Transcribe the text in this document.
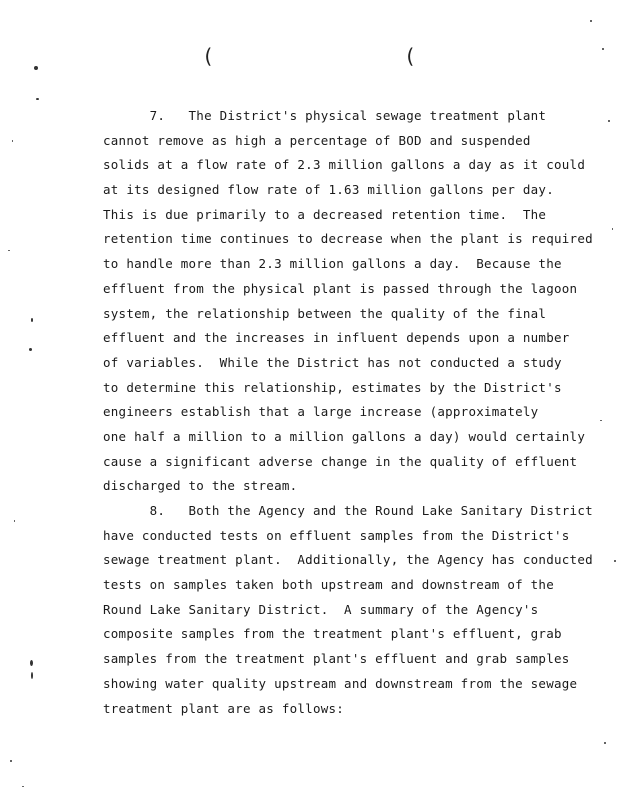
(	(
7.   The District's physical sewage treatment plant
cannot remove as high a percentage of BOD and suspended
solids at a flow rate of 2.3 million gallons a day as it could
at its designed flow rate of 1.63 million gallons per day.
This is due primarily to a decreased retention time.  The
retention time continues to decrease when the plant is required
to handle more than 2.3 million gallons a day.  Because the
effluent from the physical plant is passed through the lagoon
system, the relationship between the quality of the final
effluent and the increases in influent depends upon a number
of variables.  While the District has not conducted a study
to determine this relationship, estimates by the District's
engineers establish that a large increase (approximately
one half a million to a million gallons a day) would certainly
cause a significant adverse change in the quality of effluent
discharged to the stream.
8.   Both the Agency and the Round Lake Sanitary District
have conducted tests on effluent samples from the District's
sewage treatment plant.  Additionally, the Agency has conducted
tests on samples taken both upstream and downstream of the
Round Lake Sanitary District.  A summary of the Agency's
composite samples from the treatment plant's effluent, grab
samples from the treatment plant's effluent and grab samples
showing water quality upstream and downstream from the sewage
treatment plant are as follows:
